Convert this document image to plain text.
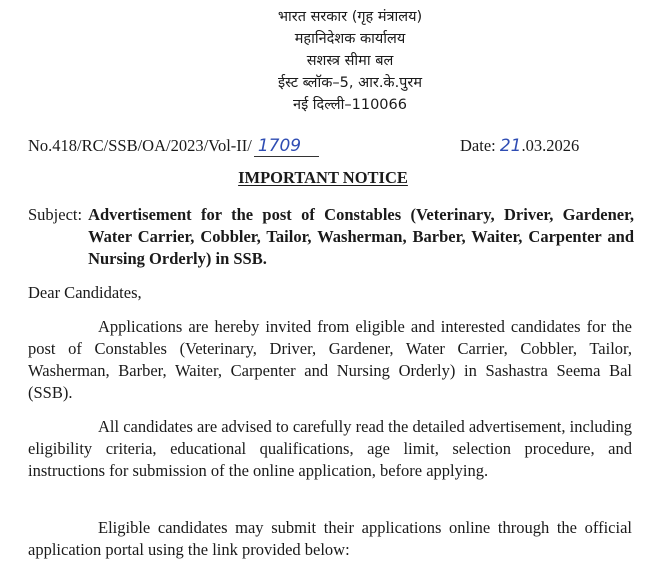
भारत सरकार (गृह मंत्रालय)
महानिदेशक कार्यालय
सशस्त्र सीमा बल
ईस्ट ब्लॉक–5, आर.के.पुरम
नई दिल्ली–110066
No.418/RC/SSB/OA/2023/Vol-II/ 1709	Date: 21.03.2026
IMPORTANT NOTICE
Subject: Advertisement for the post of Constables (Veterinary, Driver, Gardener, Water Carrier, Cobbler, Tailor, Washerman, Barber, Waiter, Carpenter and Nursing Orderly) in SSB.
Dear Candidates,
Applications are hereby invited from eligible and interested candidates for the post of Constables (Veterinary, Driver, Gardener, Water Carrier, Cobbler, Tailor, Washerman, Barber, Waiter, Carpenter and Nursing Orderly) in Sashastra Seema Bal (SSB).
All candidates are advised to carefully read the detailed advertisement, including eligibility criteria, educational qualifications, age limit, selection procedure, and instructions for submission of the online application, before applying.
Eligible candidates may submit their applications online through the official application portal using the link provided below:
